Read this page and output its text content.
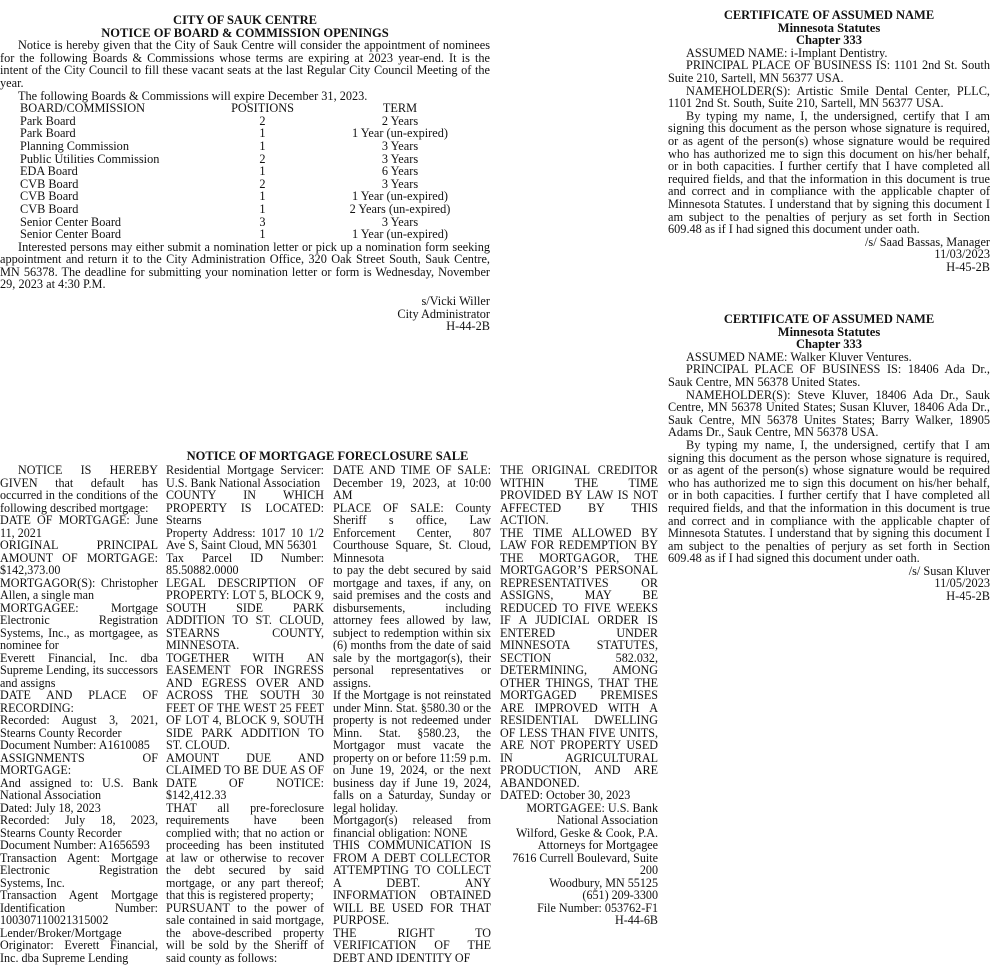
CITY OF SAUK CENTRE
NOTICE OF BOARD & COMMISSION OPENINGS

Notice is hereby given that the City of Sauk Centre will consider the appointment of nominees for the following Boards & Commissions whose terms are expiring at 2023 year-end. It is the intent of the City Council to fill these vacant seats at the last Regular City Council Meeting of the year.

The following Boards & Commissions will expire December 31, 2023.

BOARD/COMMISSION	POSITIONS	TERM
Park Board	2	2 Years
Park Board	1	1 Year (un-expired)
Planning Commission	1	3 Years
Public Utilities Commission	2	3 Years
EDA Board	1	6 Years
CVB Board	2	3 Years
CVB Board	1	1 Year (un-expired)
CVB Board	1	2 Years (un-expired)
Senior Center Board	3	3 Years
Senior Center Board	1	1 Year (un-expired)

Interested persons may either submit a nomination letter or pick up a nomination form seeking appointment and return it to the City Administration Office, 320 Oak Street South, Sauk Centre, MN 56378. The deadline for submitting your nomination letter or form is Wednesday, November 29, 2023 at 4:30 P.M.

s/Vicki Willer
City Administrator
H-44-2B
CERTIFICATE OF ASSUMED NAME
Minnesota Statutes
Chapter 333

ASSUMED NAME: i-Implant Dentistry.

PRINCIPAL PLACE OF BUSINESS IS: 1101 2nd St. South Suite 210, Sartell, MN 56377 USA.

NAMEHOLDER(S): Artistic Smile Dental Center, PLLC, 1101 2nd St. South, Suite 210, Sartell, MN 56377 USA.

By typing my name, I, the undersigned, certify that I am signing this document as the person whose signature is required, or as agent of the person(s) whose signature would be required who has authorized me to sign this document on his/her behalf, or in both capacities. I further certify that I have completed all required fields, and that the information in this document is true and correct and in compliance with the applicable chapter of Minnesota Statutes. I understand that by signing this document I am subject to the penalties of perjury as set forth in Section 609.48 as if I had signed this document under oath.

/s/ Saad Bassas, Manager
11/03/2023
H-45-2B
CERTIFICATE OF ASSUMED NAME
Minnesota Statutes
Chapter 333

ASSUMED NAME: Walker Kluver Ventures.

PRINCIPAL PLACE OF BUSINESS IS: 18406 Ada Dr., Sauk Centre, MN 56378 United States.

NAMEHOLDER(S): Steve Kluver, 18406 Ada Dr., Sauk Centre, MN 56378 United States; Susan Kluver, 18406 Ada Dr., Sauk Centre, MN 56378 Unites States; Barry Walker, 18905 Adams Dr., Sauk Centre, MN 56378 USA.

By typing my name, I, the undersigned, certify that I am signing this document as the person whose signature is required, or as agent of the person(s) whose signature would be required who has authorized me to sign this document on his/her behalf, or in both capacities. I further certify that I have completed all required fields, and that the information in this document is true and correct and in compliance with the applicable chapter of Minnesota Statutes. I understand that by signing this document I am subject to the penalties of perjury as set forth in Section 609.48 as if I had signed this document under oath.

/s/ Susan Kluver
11/05/2023
H-45-2B
NOTICE OF MORTGAGE FORECLOSURE SALE

NOTICE IS HEREBY GIVEN that default has occurred in the conditions of the following described mortgage:

DATE OF MORTGAGE: June 11, 2021

ORIGINAL PRINCIPAL AMOUNT OF MORTGAGE: $142,373.00

MORTGAGOR(S): Christopher Allen, a single man

MORTGAGEE: Mortgage Electronic Registration Systems, Inc., as mortgagee, as nominee for

Everett Financial, Inc. dba Supreme Lending, its successors and assigns

DATE AND PLACE OF RECORDING:

Recorded: August 3, 2021, Stearns County Recorder

Document Number: A1610085

ASSIGNMENTS OF MORTGAGE:

And assigned to: U.S. Bank National Association

Dated: July 18, 2023

Recorded: July 18, 2023, Stearns County Recorder

Document Number: A1656593

Transaction Agent: Mortgage Electronic Registration Systems, Inc.

Transaction Agent Mortgage Identification Number: 100307110021315002

Lender/Broker/Mortgage Originator: Everett Financial, Inc. dba Supreme Lending

Residential Mortgage Servicer: U.S. Bank National Association

COUNTY IN WHICH PROPERTY IS LOCATED: Stearns

Property Address: 1017 10 1/2 Ave S, Saint Cloud, MN 56301

Tax Parcel ID Number: 85.50882.0000

LEGAL DESCRIPTION OF PROPERTY: LOT 5, BLOCK 9, SOUTH SIDE PARK ADDITION TO ST. CLOUD, STEARNS COUNTY, MINNESOTA.

TOGETHER WITH AN EASEMENT FOR INGRESS AND EGRESS OVER AND ACROSS THE SOUTH 30 FEET OF THE WEST 25 FEET OF LOT 4, BLOCK 9, SOUTH SIDE PARK ADDITION TO ST. CLOUD.

AMOUNT DUE AND CLAIMED TO BE DUE AS OF DATE OF NOTICE: $142,412.33

THAT all pre-foreclosure requirements have been complied with; that no action or proceeding has been instituted at law or otherwise to recover the debt secured by said mortgage, or any part thereof; that this is registered property;

PURSUANT to the power of sale contained in said mortgage, the above-described property will be sold by the Sheriff of said county as follows:

DATE AND TIME OF SALE: December 19, 2023, at 10:00 AM

PLACE OF SALE: County Sheriff s office, Law Enforcement Center, 807 Courthouse Square, St. Cloud, Minnesota

to pay the debt secured by said mortgage and taxes, if any, on said premises and the costs and disbursements, including attorney fees allowed by law, subject to redemption within six (6) months from the date of said sale by the mortgagor(s), their personal representatives or assigns.

If the Mortgage is not reinstated under Minn. Stat. §580.30 or the property is not redeemed under Minn. Stat. §580.23, the Mortgagor must vacate the property on or before 11:59 p.m. on June 19, 2024, or the next business day if June 19, 2024, falls on a Saturday, Sunday or legal holiday.

Mortgagor(s) released from financial obligation: NONE

THIS COMMUNICATION IS FROM A DEBT COLLECTOR ATTEMPTING TO COLLECT A DEBT. ANY INFORMATION OBTAINED WILL BE USED FOR THAT PURPOSE.

THE RIGHT TO VERIFICATION OF THE DEBT AND IDENTITY OF

THE ORIGINAL CREDITOR WITHIN THE TIME PROVIDED BY LAW IS NOT AFFECTED BY THIS ACTION.

THE TIME ALLOWED BY LAW FOR REDEMPTION BY THE MORTGAGOR, THE MORTGAGOR’S PERSONAL REPRESENTATIVES OR ASSIGNS, MAY BE REDUCED TO FIVE WEEKS IF A JUDICIAL ORDER IS ENTERED UNDER MINNESOTA STATUTES, SECTION 582.032, DETERMINING, AMONG OTHER THINGS, THAT THE MORTGAGED PREMISES ARE IMPROVED WITH A RESIDENTIAL DWELLING OF LESS THAN FIVE UNITS, ARE NOT PROPERTY USED IN AGRICULTURAL PRODUCTION, AND ARE ABANDONED.

DATED: October 30, 2023

MORTGAGEE: U.S. Bank National Association
Wilford, Geske & Cook, P.A.
Attorneys for Mortgagee
7616 Currell Boulevard, Suite 200
Woodbury, MN 55125
(651) 209-3300
File Number: 053762-F1
H-44-6B
